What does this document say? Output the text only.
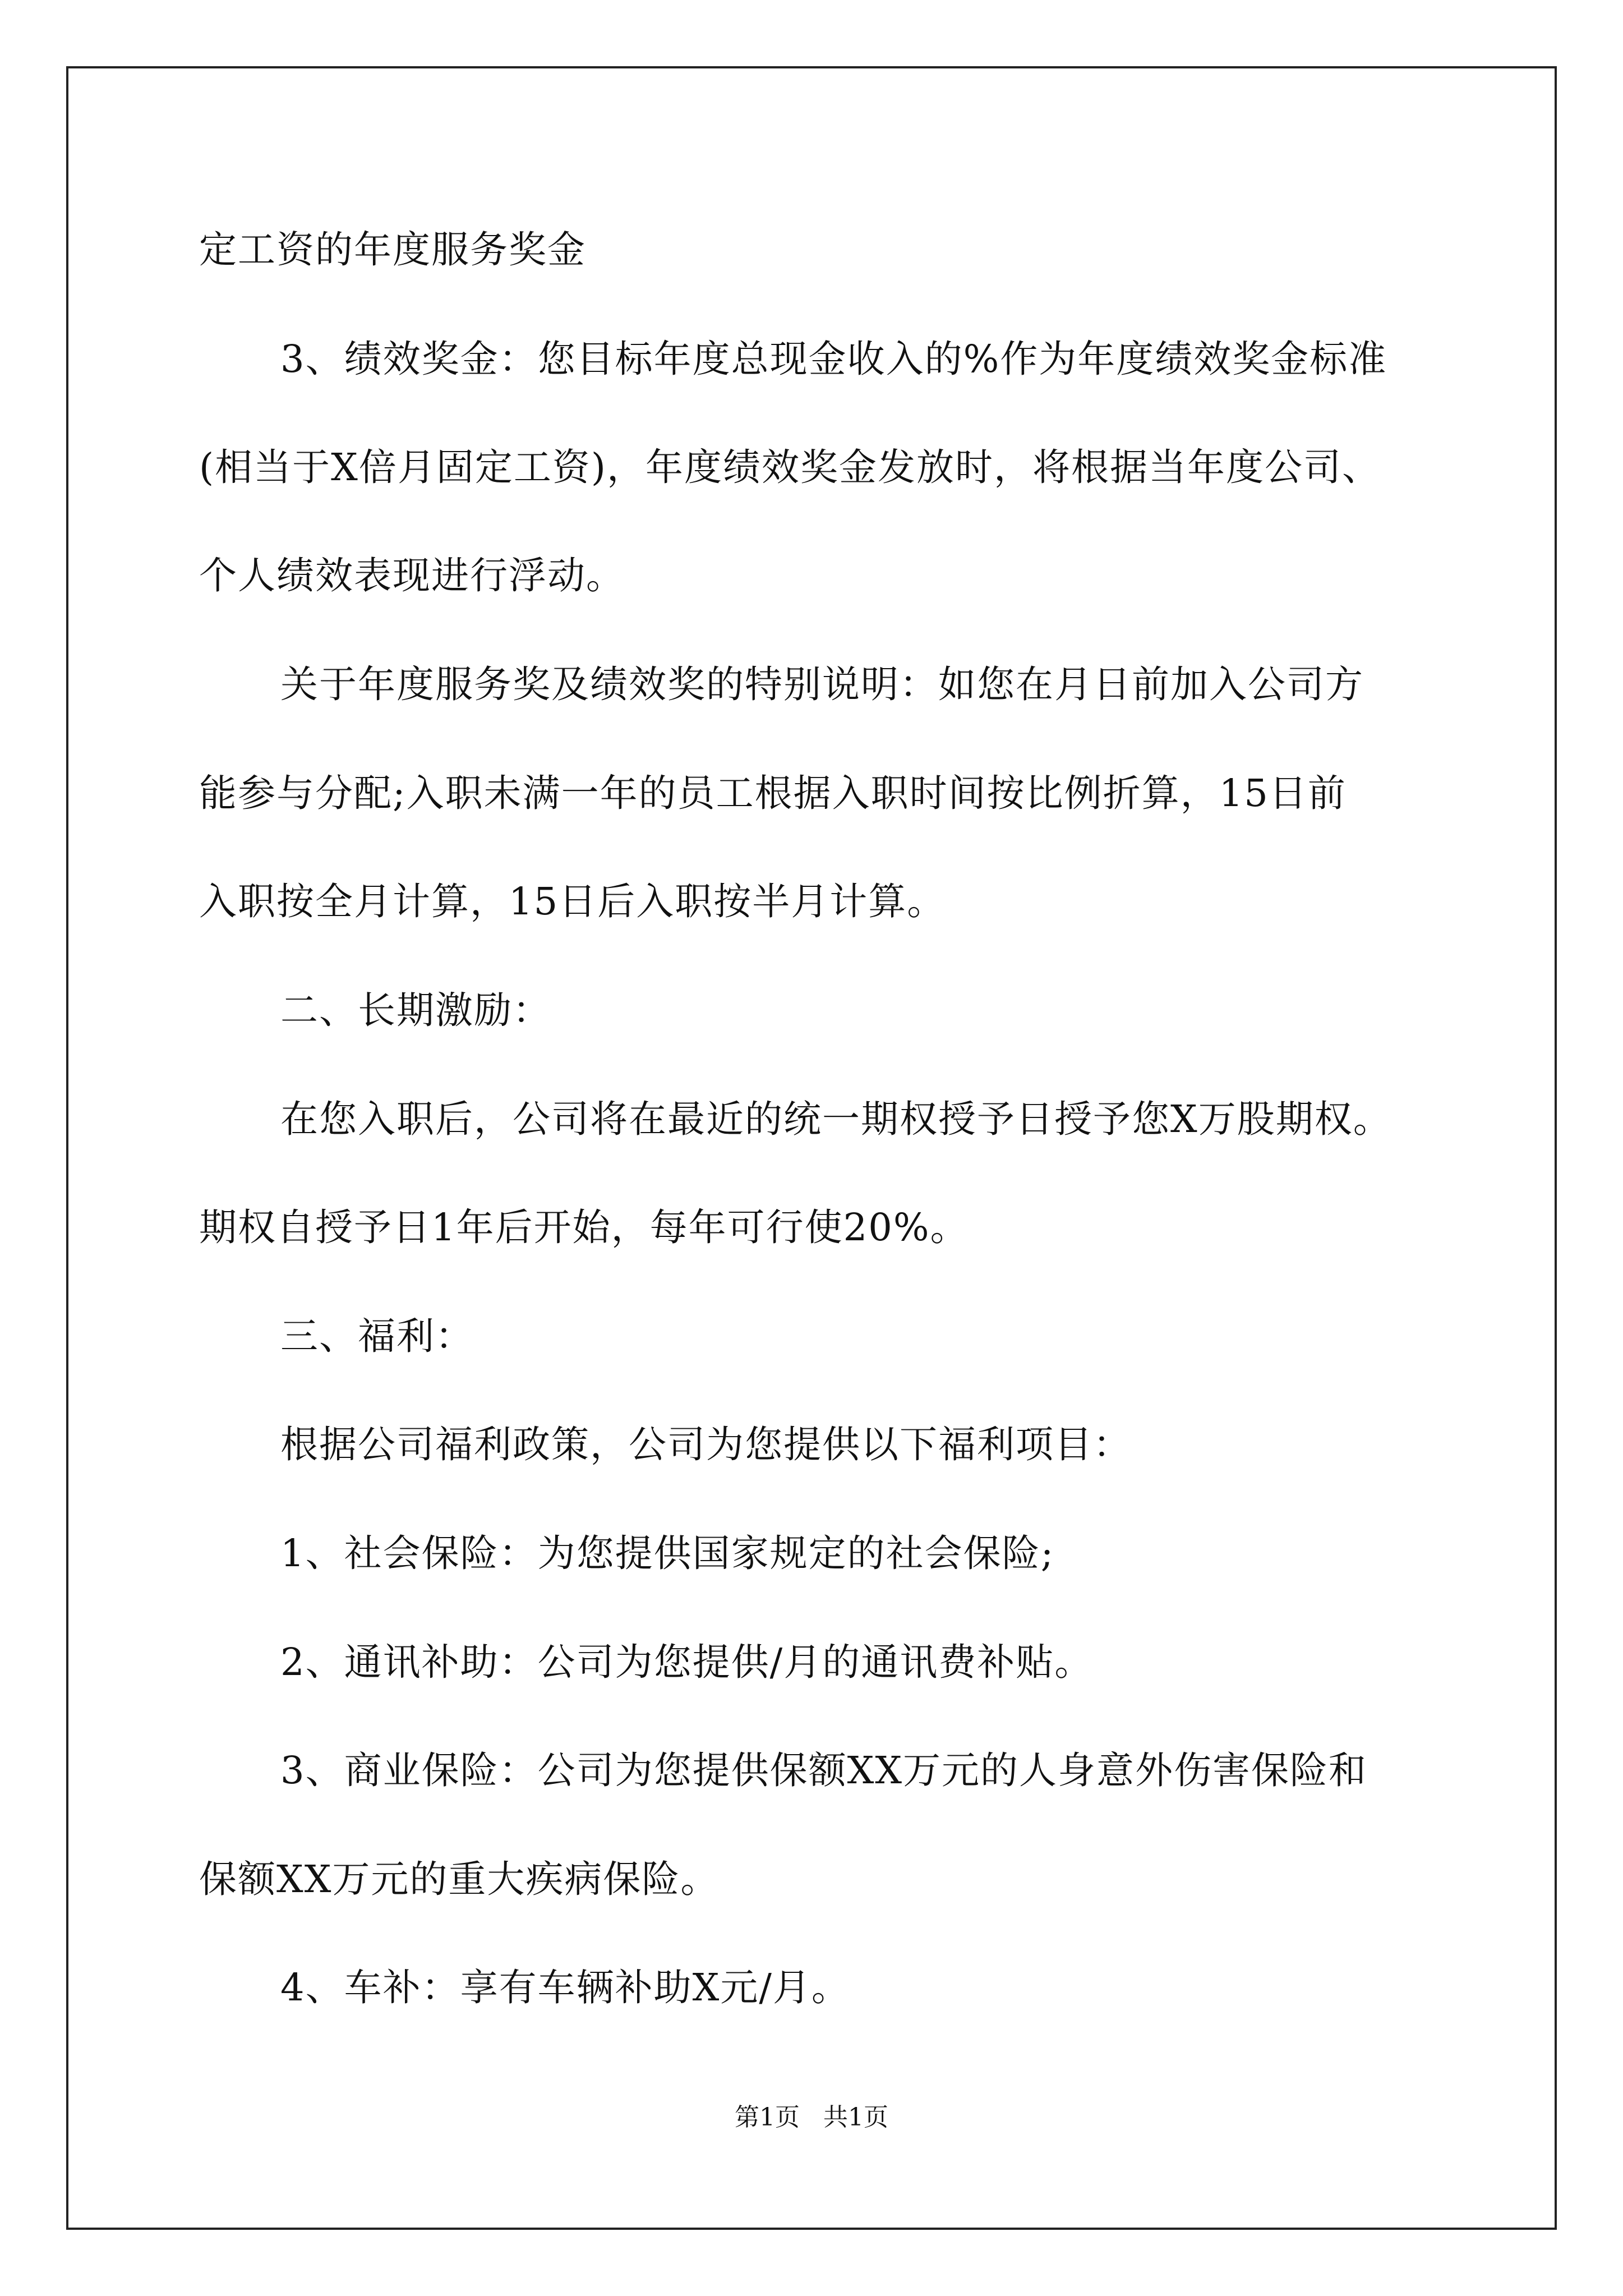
定工资的年度服务奖金
3、绩效奖金：您目标年度总现金收入的%作为年度绩效奖金标准
(相当于X倍月固定工资)，年度绩效奖金发放时，将根据当年度公司、
个人绩效表现进行浮动。
关于年度服务奖及绩效奖的特别说明：如您在月日前加入公司方
能参与分配;入职未满一年的员工根据入职时间按比例折算，15日前
入职按全月计算，15日后入职按半月计算。
二、长期激励：
在您入职后，公司将在最近的统一期权授予日授予您X万股期权。
期权自授予日1年后开始，每年可行使20%。
三、福利：
根据公司福利政策，公司为您提供以下福利项目：
1、社会保险：为您提供国家规定的社会保险;
2、通讯补助：公司为您提供/月的通讯费补贴。
3、商业保险：公司为您提供保额XX万元的人身意外伤害保险和
保额XX万元的重大疾病保险。
4、车补：享有车辆补助X元/月。
第1页 共1页
